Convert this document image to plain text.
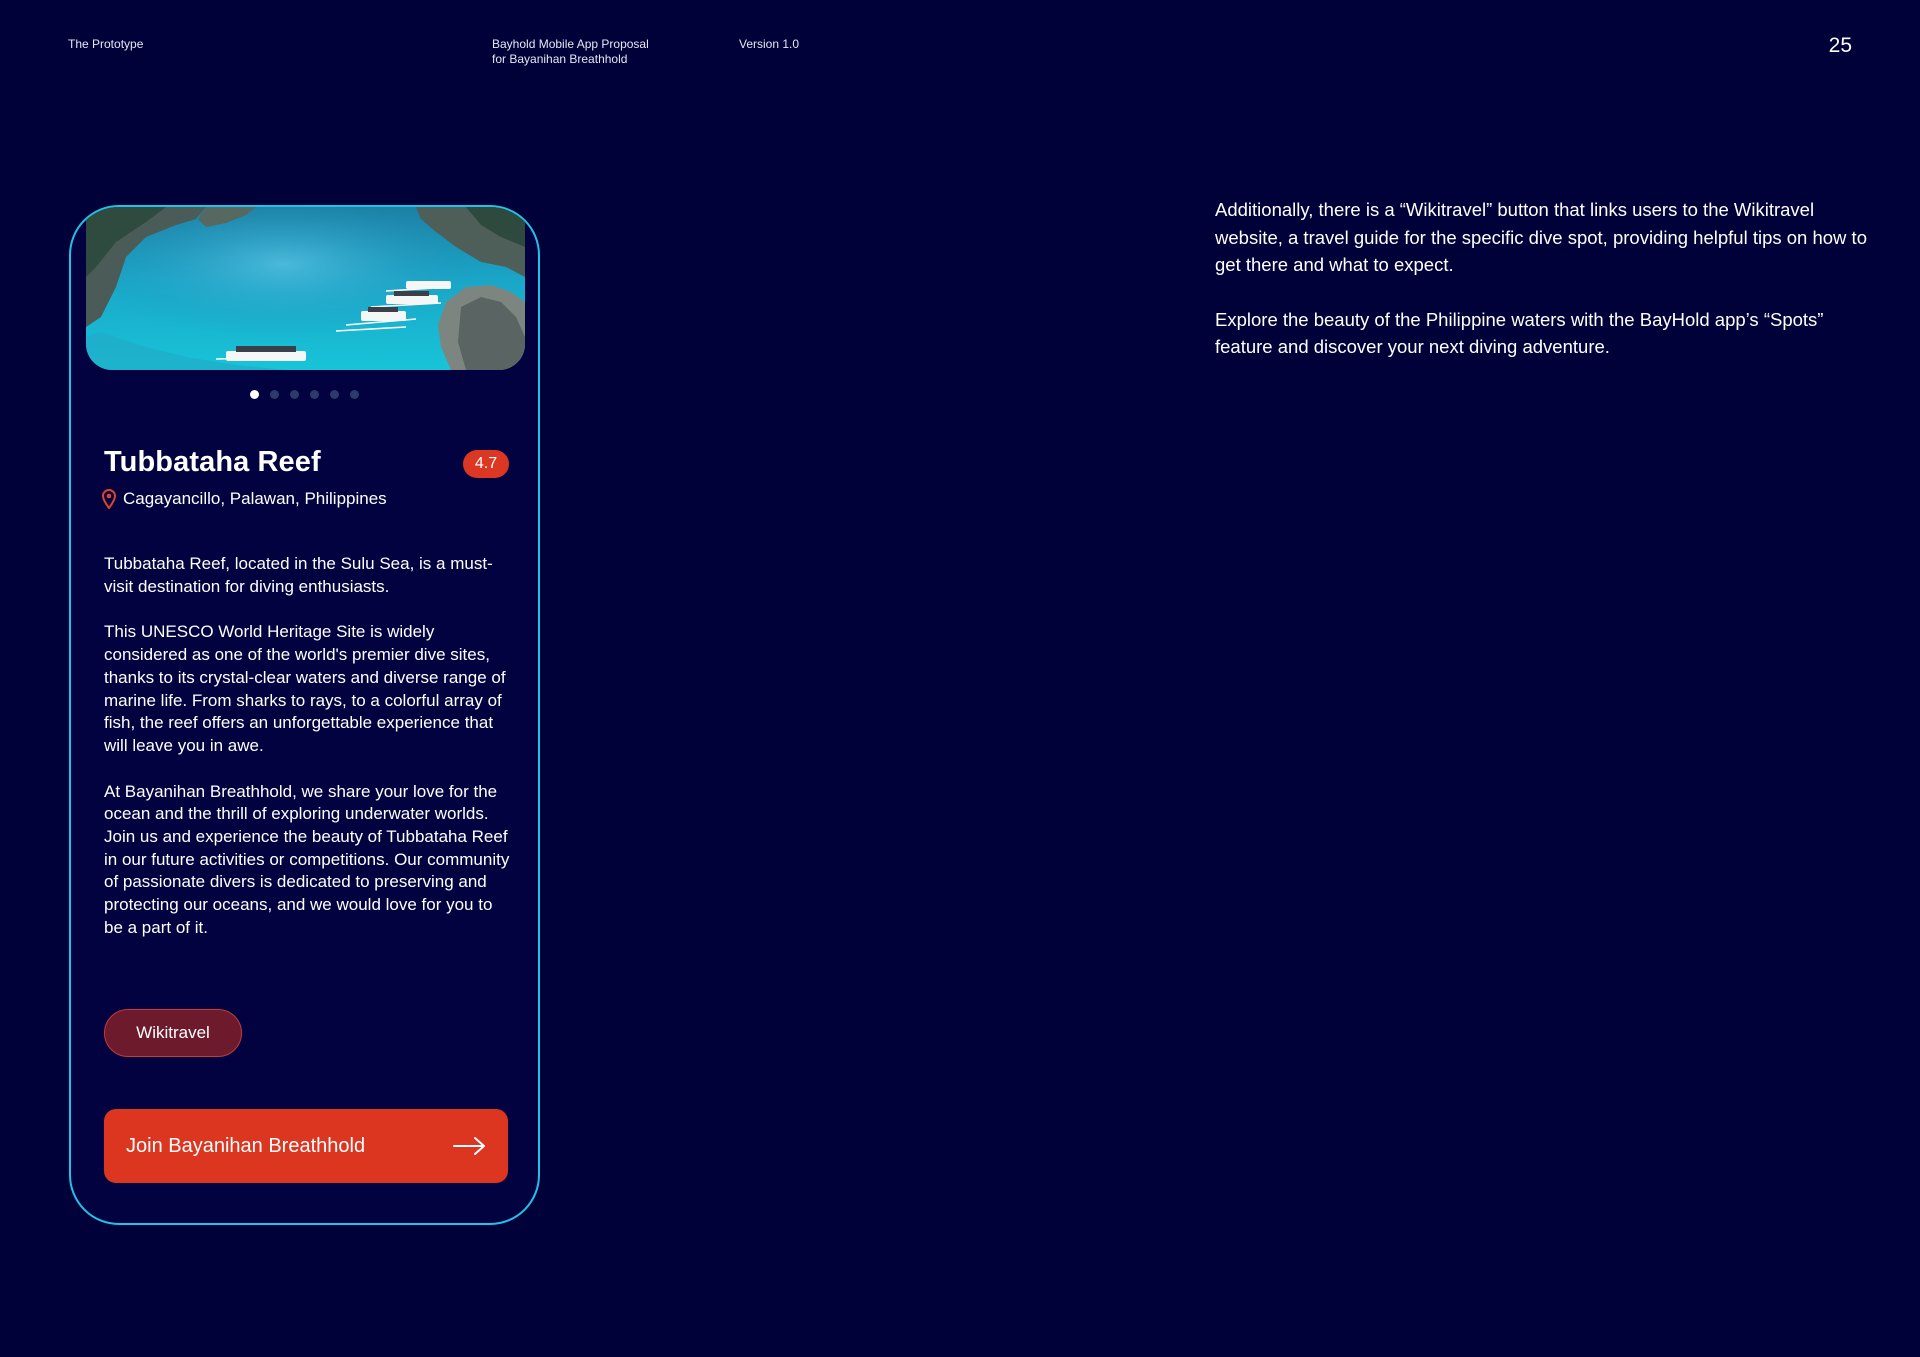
The Prototype	Bayhold Mobile App Proposal
for Bayanihan Breathhold
Version 1.0	25
Tubbataha Reef	4.7
Cagayancillo, Palawan, Philippines

Tubbataha Reef, located in the Sulu Sea, is a must-visit destination for diving enthusiasts.

This UNESCO World Heritage Site is widely considered as one of the world's premier dive sites, thanks to its crystal-clear waters and diverse range of marine life. From sharks to rays, to a colorful array of fish, the reef offers an unforgettable experience that will leave you in awe.

At Bayanihan Breathhold, we share your love for the ocean and the thrill of exploring underwater worlds. Join us and experience the beauty of Tubbataha Reef in our future activities or competitions. Our community of passionate divers is dedicated to preserving and protecting our oceans, and we would love for you to be a part of it.

Wikitravel
Join Bayanihan Breathhold

Additionally, there is a “Wikitravel” button that links users to the Wikitravel website, a travel guide for the specific dive spot, providing helpful tips on how to get there and what to expect.

Explore the beauty of the Philippine waters with the BayHold app’s “Spots” feature and discover your next diving adventure.
